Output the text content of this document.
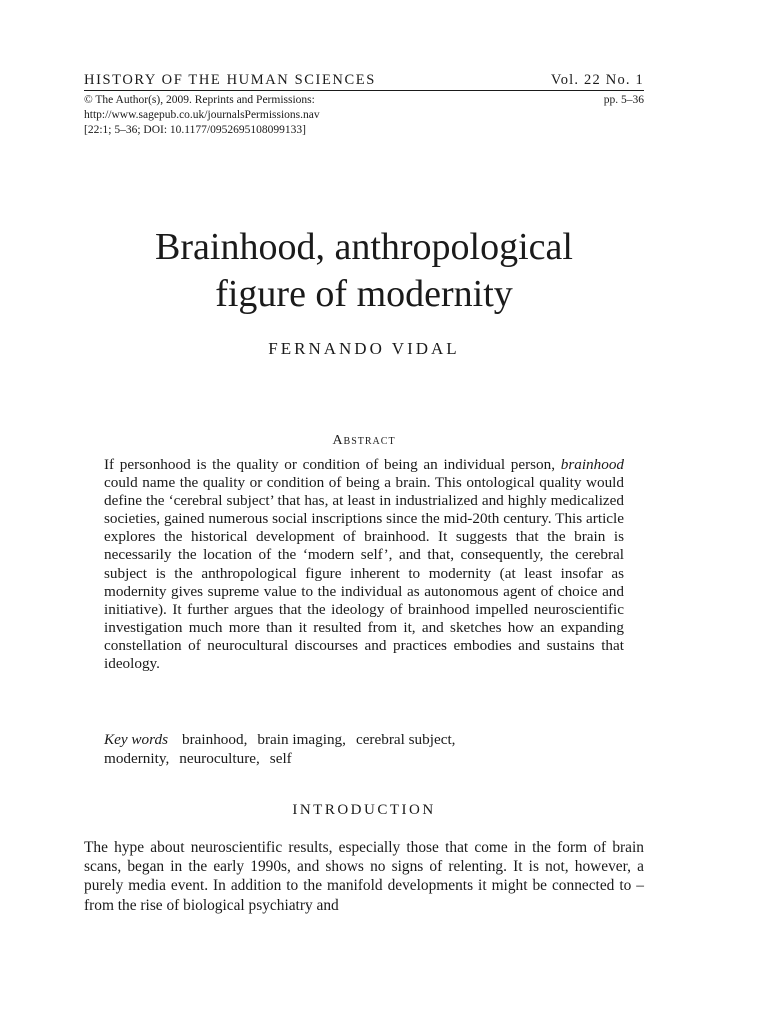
HISTORY OF THE HUMAN SCIENCES	Vol. 22 No. 1
© The Author(s), 2009. Reprints and Permissions:	pp. 5–36
http://www.sagepub.co.uk/journalsPermissions.nav
[22:1; 5–36; DOI: 10.1177/0952695108099133]
Brainhood, anthropological
figure of modernity
FERNANDO VIDAL
Abstract

If personhood is the quality or condition of being an individual person, brainhood could name the quality or condition of being a brain. This ontological quality would define the ‘cerebral subject’ that has, at least in industrialized and highly medicalized societies, gained numerous social inscriptions since the mid-20th century. This article explores the historical development of brainhood. It suggests that the brain is necessarily the location of the ‘modern self’, and that, consequently, the cerebral subject is the anthropological figure inherent to modernity (at least insofar as modernity gives supreme value to the individual as autonomous agent of choice and initiative). It further argues that the ideology of brainhood impelled neuroscientific investigation much more than it resulted from it, and sketches how an expanding constellation of neurocultural discourses and practices embodies and sustains that ideology.

Key words brainhood, brain imaging, cerebral subject,
modernity, neuroculture, self
INTRODUCTION

The hype about neuroscientific results, especially those that come in the form of brain scans, began in the early 1990s, and shows no signs of relenting. It is not, however, a purely media event. In addition to the manifold developments it might be connected to – from the rise of biological psychiatry and
